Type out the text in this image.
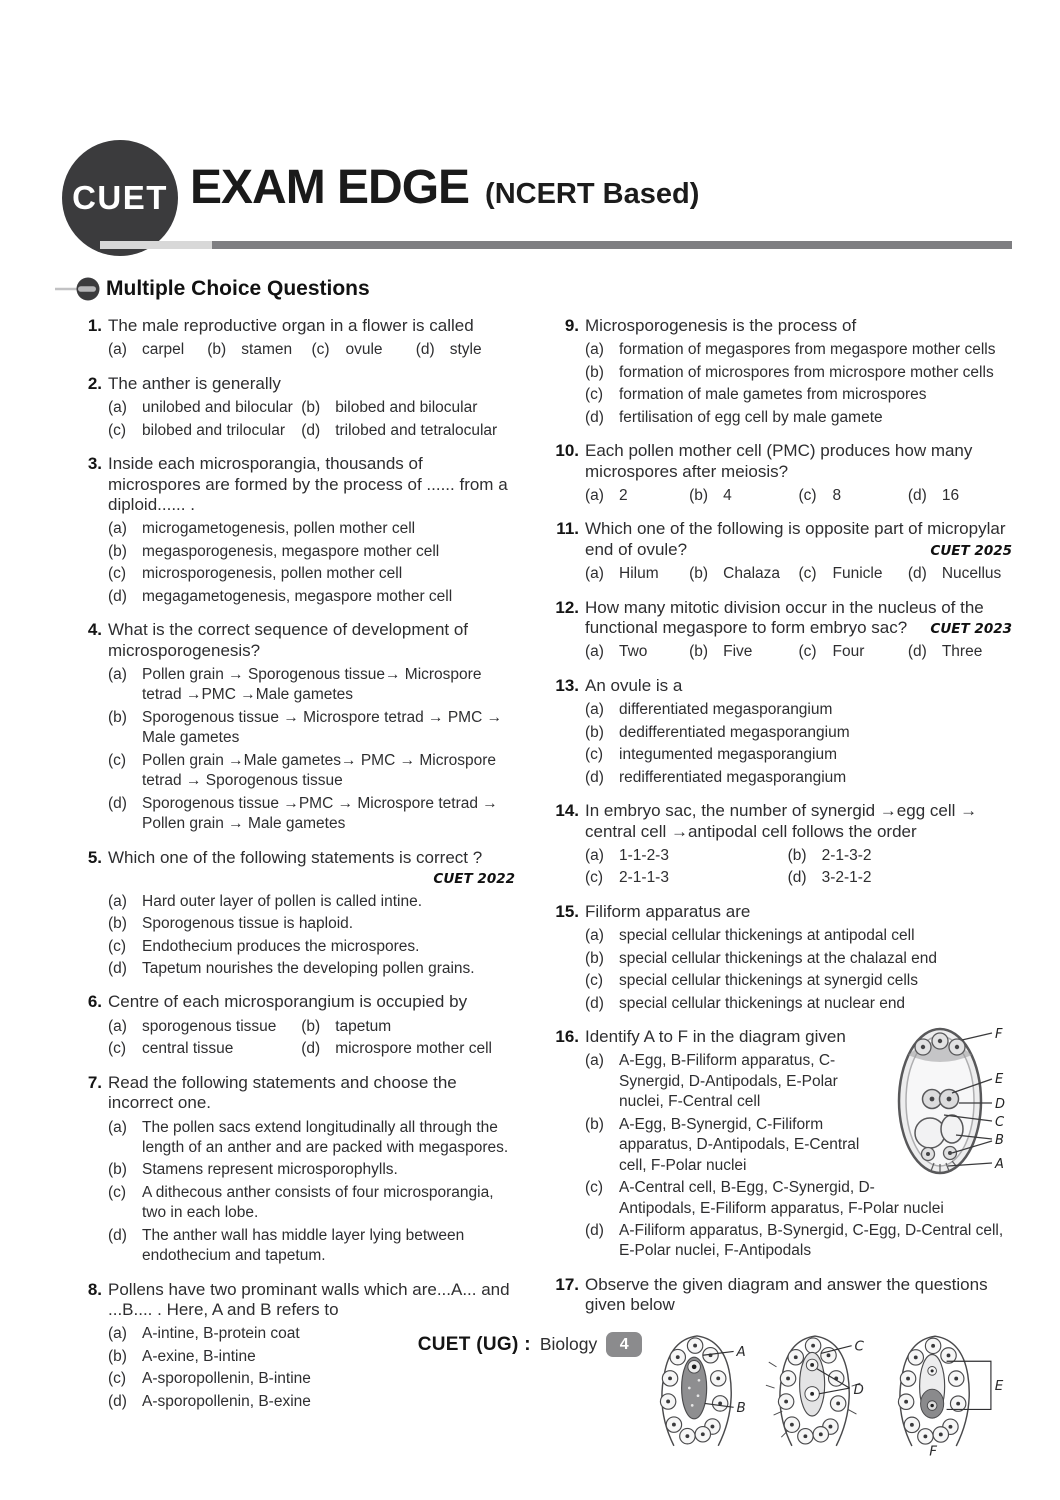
CUET EXAM EDGE (NCERT Based)
Multiple Choice Questions
1. The male reproductive organ in a flower is called
(a) carpel	(b) stamen	(c) ovule	(d) style
2. The anther is generally
(a) unilobed and bilocular (b) bilobed and bilocular
(c) bilobed and trilocular	(d) trilobed and tetralocular
3. Inside each microsporangia, thousands of microspores are formed by the process of ...... from a diploid...... .
(a) microgametogenesis, pollen mother cell
(b) megasporogenesis, megaspore mother cell
(c) microsporogenesis, pollen mother cell
(d) megagametogenesis, megaspore mother cell
4. What is the correct sequence of development of microsporogenesis?
(a) Pollen grain → Sporogenous tissue→ Microspore tetrad →PMC →Male gametes
(b) Sporogenous tissue → Microspore tetrad → PMC → Male gametes
(c) Pollen grain →Male gametes→ PMC → Microspore tetrad → Sporogenous tissue
(d) Sporogenous tissue →PMC → Microspore tetrad → Pollen grain → Male gametes
5. Which one of the following statements is correct ?
CUET 2022
(a) Hard outer layer of pollen is called intine.
(b) Sporogenous tissue is haploid.
(c) Endothecium produces the microspores.
(d) Tapetum nourishes the developing pollen grains.
6. Centre of each microsporangium is occupied by
(a) sporogenous tissue	(b) tapetum
(c) central tissue	(d) microspore mother cell
7. Read the following statements and choose the incorrect one.
(a) The pollen sacs extend longitudinally all through the length of an anther and are packed with megaspores.
(b) Stamens represent microsporophylls.
(c) A dithecous anther consists of four microsporangia, two in each lobe.
(d) The anther wall has middle layer lying between endothecium and tapetum.
8. Pollens have two prominant walls which are...A... and ...B.... . Here, A and B refers to
(a) A-intine, B-protein coat
(b) A-exine, B-intine
(c) A-sporopollenin, B-intine
(d) A-sporopollenin, B-exine
9. Microsporogenesis is the process of
(a) formation of megaspores from megaspore mother cells
(b) formation of microspores from microspore mother cells
(c) formation of male gametes from microspores
(d) fertilisation of egg cell by male gamete
10. Each pollen mother cell (PMC) produces how many microspores after meiosis?
(a) 2	(b) 4	(c) 8	(d) 16
11. Which one of the following is opposite part of micropylar end of ovule?	CUET 2025
(a) Hilum	(b) Chalaza	(c) Funicle	(d) Nucellus
12. How many mitotic division occur in the nucleus of the functional megaspore to form embryo sac? CUET 2023
(a) Two	(b) Five	(c) Four	(d) Three
13. An ovule is a
(a) differentiated megasporangium
(b) dedifferentiated megasporangium
(c) integumented megasporangium
(d) redifferentiated megasporangium
14. In embryo sac, the number of synergid →egg cell → central cell →antipodal cell follows the order
(a) 1-1-2-3	(b) 2-1-3-2
(c) 2-1-1-3	(d) 3-2-1-2
15. Filiform apparatus are
(a) special cellular thickenings at antipodal cell
(b) special cellular thickenings at the chalazal end
(c) special cellular thickenings at synergid cells
(d) special cellular thickenings at nuclear end
F
E
D
C
B
A
16. Identify A to F in the diagram given
(a) A-Egg, B-Filiform apparatus, C-Synergid, D-Antipodals, E-Polar nuclei, F-Central cell
(b) A-Egg, B-Synergid, C-Filiform apparatus, D-Antipodals, E-Central cell, F-Polar nuclei
(c) A-Central cell, B-Egg, C-Synergid, D-Antipodals, E-Filiform apparatus, F-Polar nuclei
(d) A-Filiform apparatus, B-Synergid, C-Egg, D-Central cell, E-Polar nuclei, F-Antipodals
17. Observe the given diagram and answer the questions given below
A
B
C
D	E
F
CUET (UG) : Biology	4
